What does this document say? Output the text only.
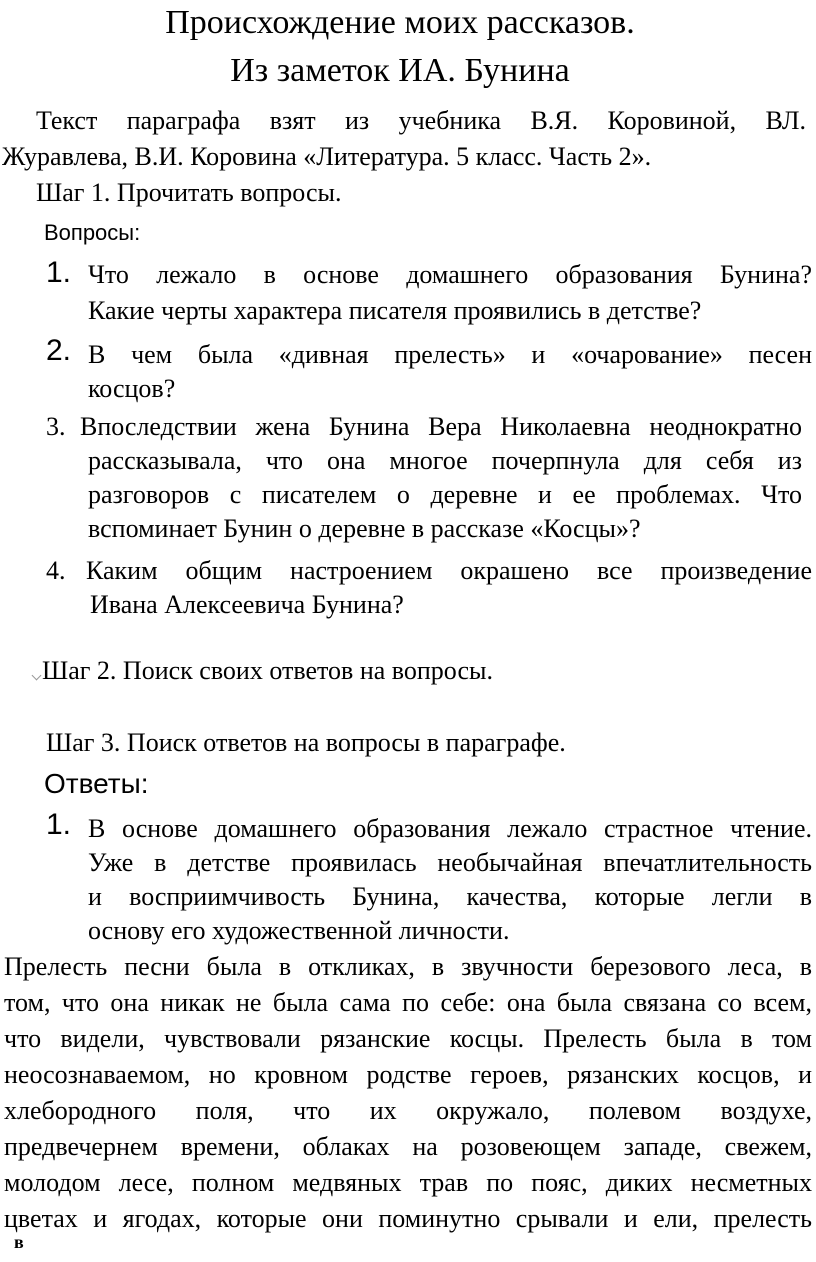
Происхождение моих рассказов.
Из заметок ИА. Бунина
Текст параграфа взят из учебника В.Я. Коровиной, ВЛ.
Журавлева, В.И. Коровина «Литература. 5 класс. Часть 2».
Шаг 1. Прочитать вопросы.
Вопросы:
1. Что лежало в основе домашнего образования Бунина?
Какие черты характера писателя проявились в детстве?
2. В чем была «дивная прелесть» и «очарование» песен
косцов?
3. Впоследствии жена Бунина Вера Николаевна неоднократно
рассказывала, что она многое почерпнула для себя из
разговоров с писателем о деревне и ее проблемах. Что
вспоминает Бунин о деревне в рассказе «Косцы»?
4. Каким общим настроением окрашено все произведение
Ивана Алексеевича Бунина?
Шаг 2. Поиск своих ответов на вопросы.
Шаг 3. Поиск ответов на вопросы в параграфе.
Ответы:
1. В основе домашнего образования лежало страстное чтение.
Уже в детстве проявилась необычайная впечатлительность
и восприимчивость Бунина, качества, которые легли в
основу его художественной личности.
Прелесть песни была в откликах, в звучности березового леса, в
том, что она никак не была сама по себе: она была связана со всем,
что видели, чувствовали рязанские косцы. Прелесть была в том
неосознаваемом, но кровном родстве героев, рязанских косцов, и
хлебородного поля, что их окружало, полевом воздухе,
предвечернем времени, облаках на розовеющем западе, свежем,
молодом лесе, полном медвяных трав по пояс, диких несметных
цветах и ягодах, которые они поминутно срывали и ели, прелесть
в
